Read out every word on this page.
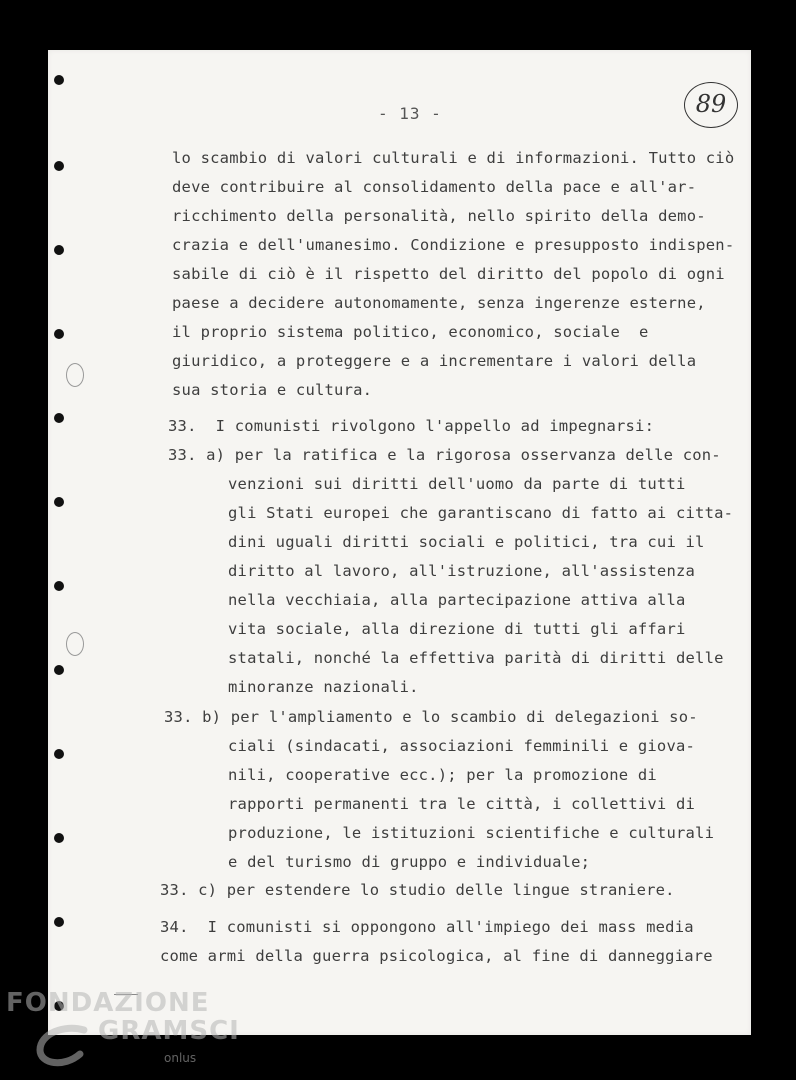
- 13 -	89
lo scambio di valori culturali e di informazioni. Tutto ciò
deve contribuire al consolidamento della pace e all'ar-
ricchimento della personalità, nello spirito della demo-
crazia e dell'umanesimo. Condizione e presupposto indispen-
sabile di ciò è il rispetto del diritto del popolo di ogni
paese a decidere autonomamente, senza ingerenze esterne,
il proprio sistema politico, economico, sociale  e
giuridico, a proteggere e a incrementare i valori della
sua storia e cultura.
33.  I comunisti rivolgono l'appello ad impegnarsi:
33. a) per la ratifica e la rigorosa osservanza delle con-
venzioni sui diritti dell'uomo da parte di tutti
gli Stati europei che garantiscano di fatto ai citta-
dini uguali diritti sociali e politici, tra cui il
diritto al lavoro, all'istruzione, all'assistenza
nella vecchiaia, alla partecipazione attiva alla
vita sociale, alla direzione di tutti gli affari
statali, nonché la effettiva parità di diritti delle
minoranze nazionali.
33. b) per l'ampliamento e lo scambio di delegazioni so-
ciali (sindacati, associazioni femminili e giova-
nili, cooperative ecc.); per la promozione di
rapporti permanenti tra le città, i collettivi di
produzione, le istituzioni scientifiche e culturali
e del turismo di gruppo e individuale;
33. c) per estendere lo studio delle lingue straniere.
34.  I comunisti si oppongono all'impiego dei mass media
come armi della guerra psicologica, al fine di danneggiare
FONDAZIONE
GRAMSCI
onlus
